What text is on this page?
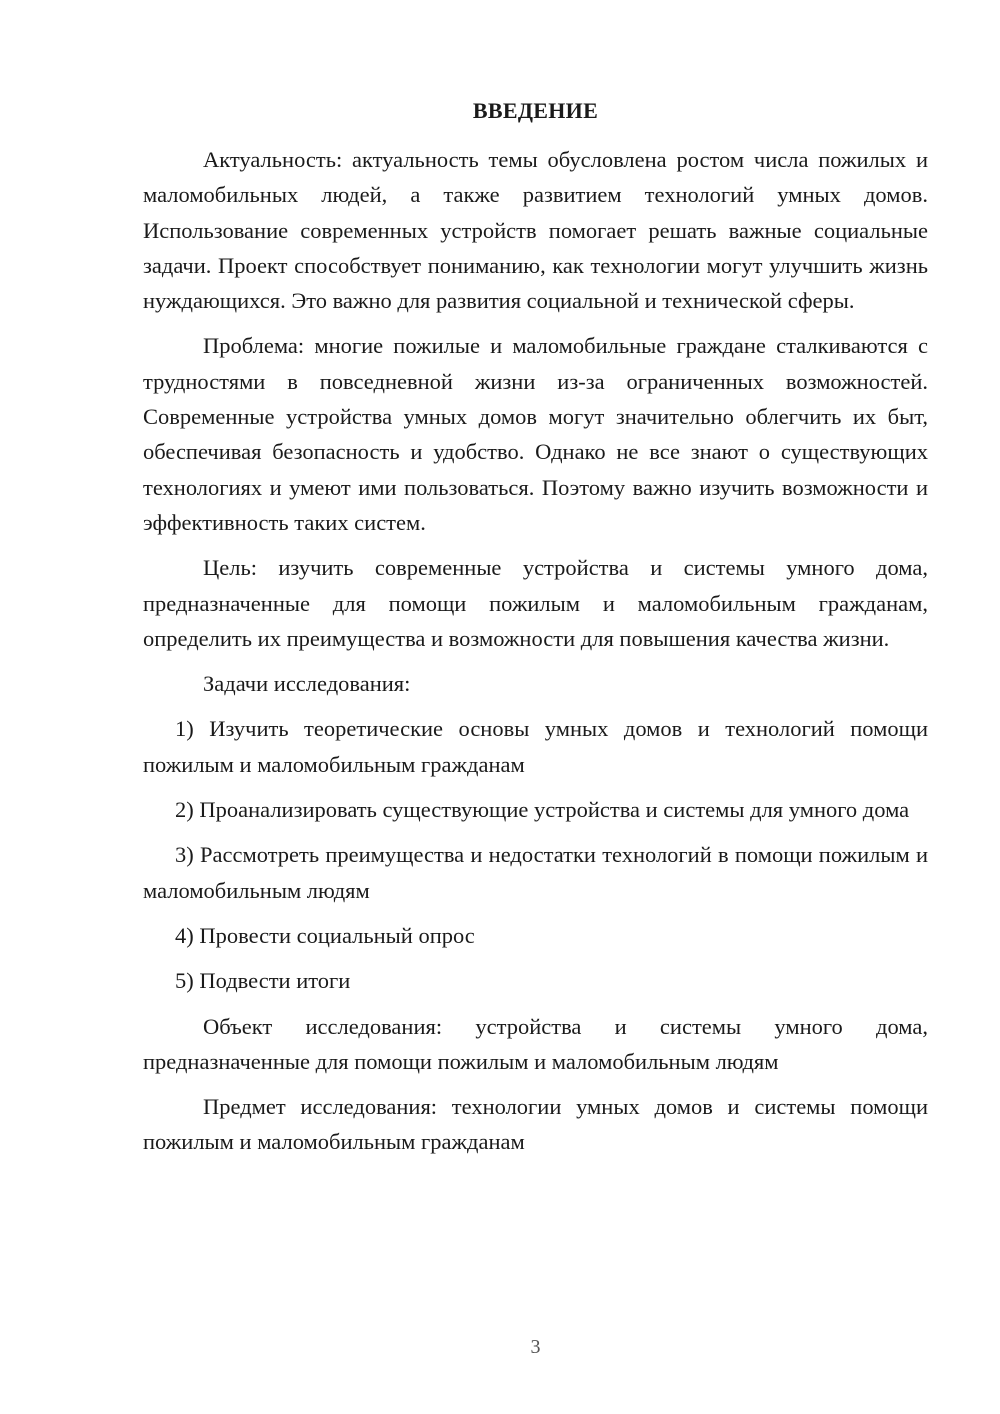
ВВЕДЕНИЕ

Актуальность: актуальность темы обусловлена ростом числа пожилых и маломобильных людей, а также развитием технологий умных домов. Использование современных устройств помогает решать важные социальные задачи. Проект способствует пониманию, как технологии могут улучшить жизнь нуждающихся. Это важно для развития социальной и технической сферы.

Проблема: многие пожилые и маломобильные граждане сталкиваются с трудностями в повседневной жизни из-за ограниченных возможностей. Современные устройства умных домов могут значительно облегчить их быт, обеспечивая безопасность и удобство. Однако не все знают о существующих технологиях и умеют ими пользоваться. Поэтому важно изучить возможности и эффективность таких систем.

Цель: изучить современные устройства и системы умного дома, предназначенные для помощи пожилым и маломобильным гражданам, определить их преимущества и возможности для повышения качества жизни.

Задачи исследования:

1) Изучить теоретические основы умных домов и технологий помощи пожилым и маломобильным гражданам

2) Проанализировать существующие устройства и системы для умного дома

3) Рассмотреть преимущества и недостатки технологий в помощи пожилым и маломобильным людям

4) Провести социальный опрос

5) Подвести итоги

Объект исследования: устройства и системы умного дома, предназначенные для помощи пожилым и маломобильным людям

Предмет исследования: технологии умных домов и системы помощи пожилым и маломобильным гражданам

3
